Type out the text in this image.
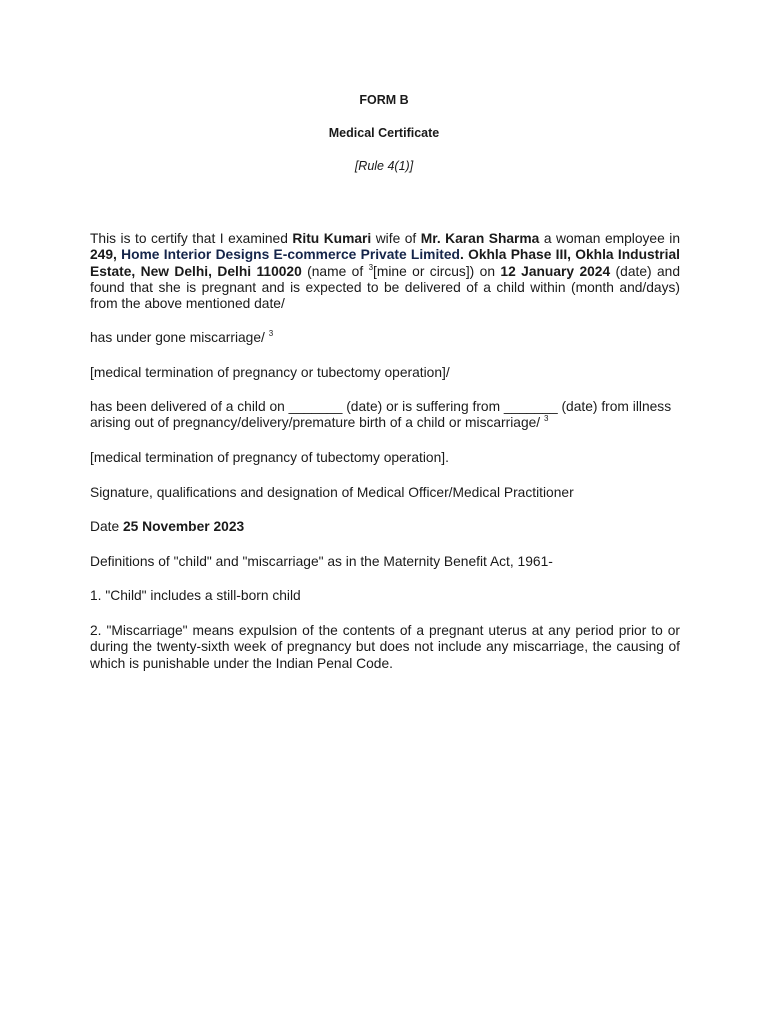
FORM B
Medical Certificate
[Rule 4(1)]

This is to certify that I examined Ritu Kumari wife of Mr. Karan Sharma a woman employee in 249, Home Interior Designs E-commerce Private Limited. Okhla Phase III, Okhla Industrial Estate, New Delhi, Delhi 110020 (name of $^3$[mine or circus]) on 12 January 2024 (date) and found that she is pregnant and is expected to be delivered of a child within (month and/days) from the above mentioned date/

has under gone miscarriage/ $^3$

[medical termination of pregnancy or tubectomy operation]/

has been delivered of a child on _______ (date) or is suffering from _______ (date) from illness arising out of pregnancy/delivery/premature birth of a child or miscarriage/ $^3$

[medical termination of pregnancy of tubectomy operation].

Signature, qualifications and designation of Medical Officer/Medical Practitioner

Date 25 November 2023

Definitions of "child" and "miscarriage" as in the Maternity Benefit Act, 1961-

1. "Child" includes a still-born child

2. "Miscarriage" means expulsion of the contents of a pregnant uterus at any period prior to or during the twenty-sixth week of pregnancy but does not include any miscarriage, the causing of which is punishable under the Indian Penal Code.
